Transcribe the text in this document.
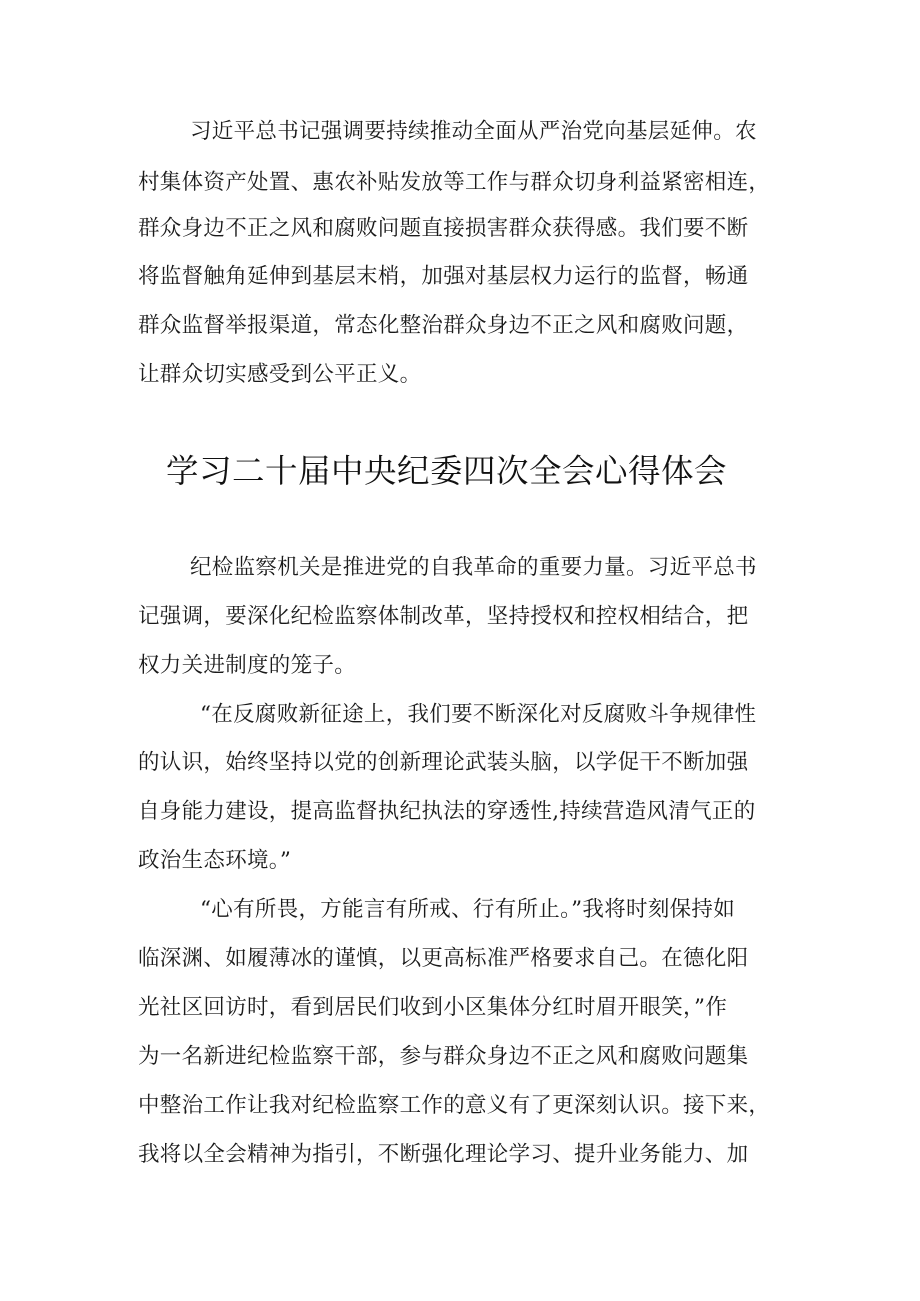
习近平总书记强调要持续推动全面从严治党向基层延伸。农
村集体资产处置、惠农补贴发放等工作与群众切身利益紧密相连，
群众身边不正之风和腐败问题直接损害群众获得感。我们要不断
将监督触角延伸到基层末梢，加强对基层权力运行的监督，畅通
群众监督举报渠道，常态化整治群众身边不正之风和腐败问题，
让群众切实感受到公平正义。
学习二十届中央纪委四次全会心得体会
纪检监察机关是推进党的自我革命的重要力量。习近平总书
记强调，要深化纪检监察体制改革，坚持授权和控权相结合，把
权力关进制度的笼子。
“在反腐败新征途上，我们要不断深化对反腐败斗争规律性
的认识，始终坚持以党的创新理论武装头脑，以学促干不断加强
自身能力建设，提高监督执纪执法的穿透性,持续营造风清气正的
政治生态环境。”
“心有所畏，方能言有所戒、行有所止。”我将时刻保持如
临深渊、如履薄冰的谨慎，以更高标准严格要求自己。在德化阳
光社区回访时，看到居民们收到小区集体分红时眉开眼笑，”作
为一名新进纪检监察干部，参与群众身边不正之风和腐败问题集
中整治工作让我对纪检监察工作的意义有了更深刻认识。接下来，
我将以全会精神为指引，不断强化理论学习、提升业务能力、加
